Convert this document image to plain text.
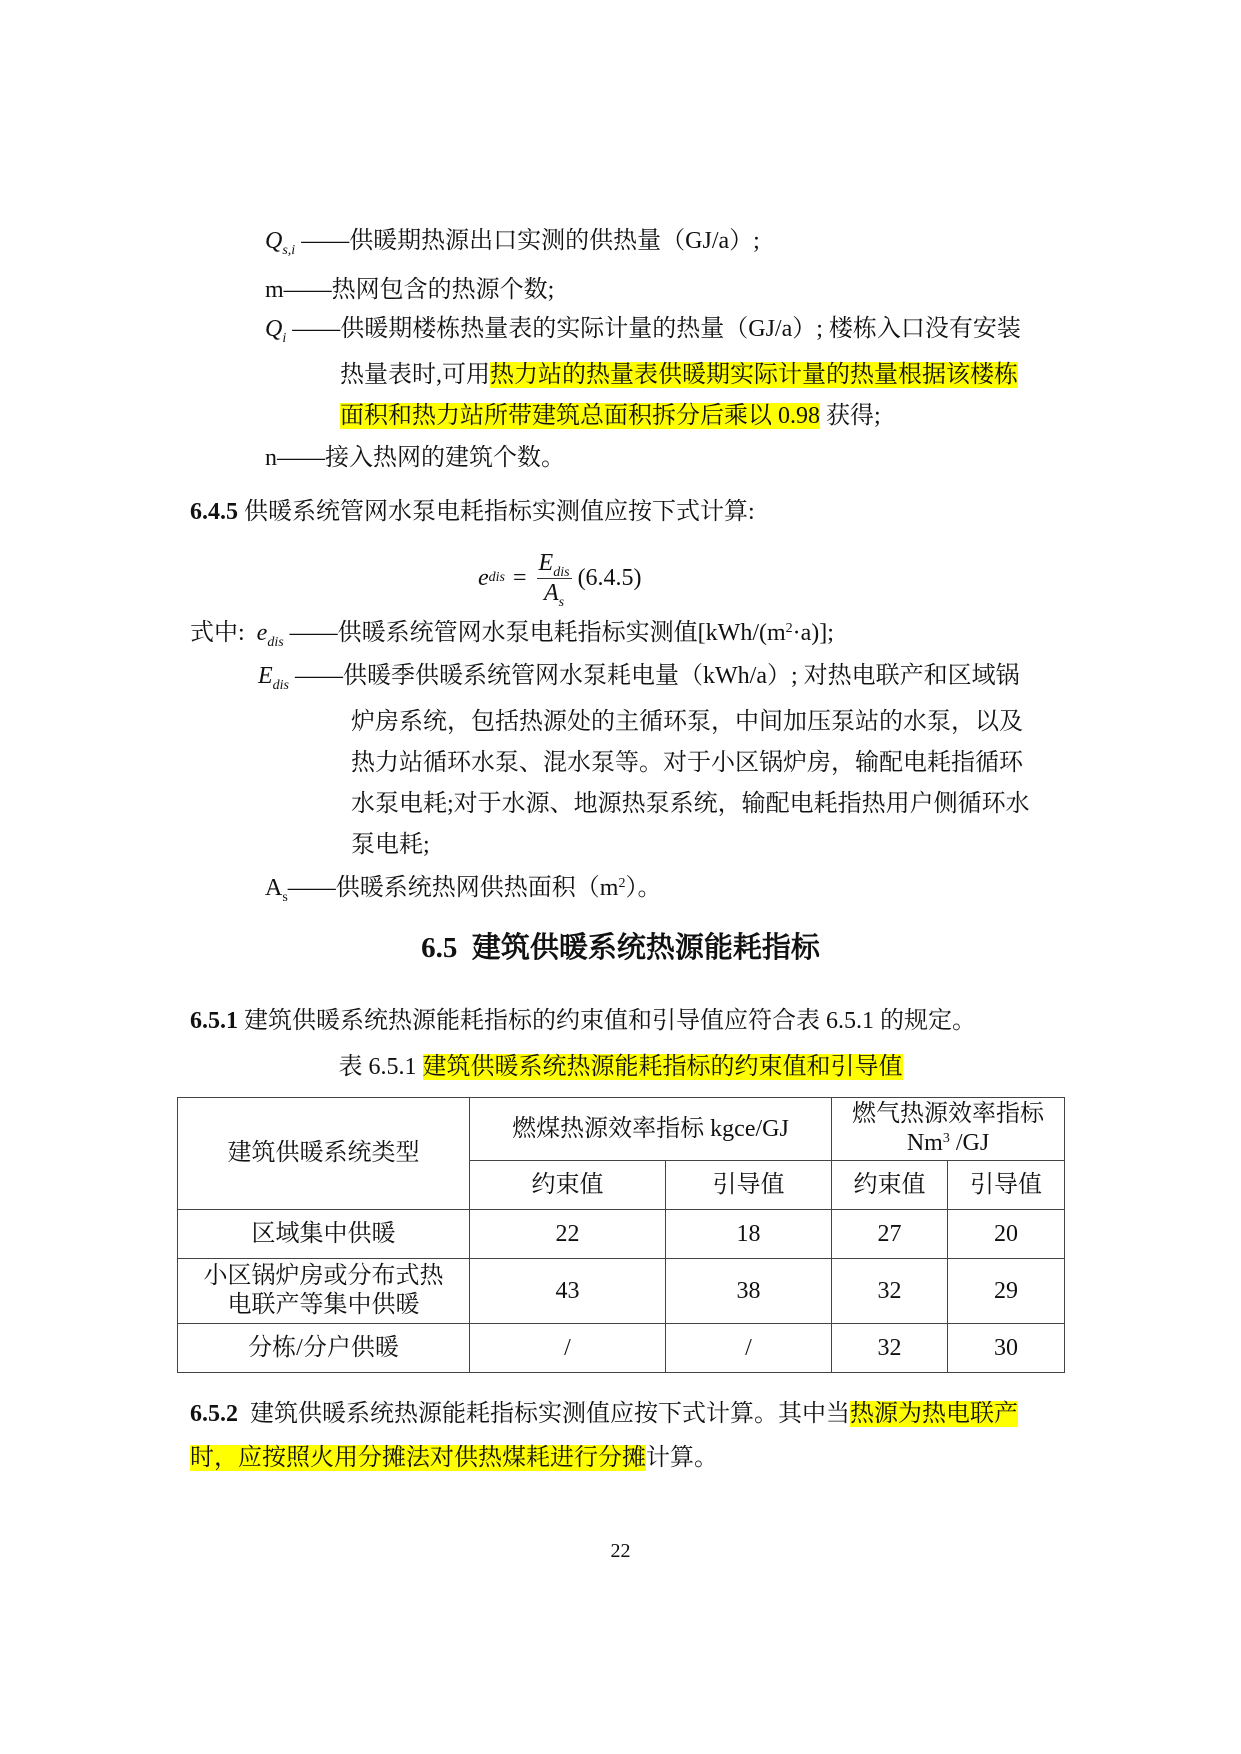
$Q_{s,i}$ ——供暖期热源出口实测的供热量（GJ/a）;
m——热网包含的热源个数;
$Q_i$ ——供暖期楼栋热量表的实际计量的热量（GJ/a）; 楼栋入口没有安装
热量表时,可用热力站的热量表供暖期实际计量的热量根据该楼栋
面积和热力站所带建筑总面积拆分后乘以 0.98 获得;
n——接入热网的建筑个数。
6.4.5 供暖系统管网水泵电耗指标实测值应按下式计算:
e dis = $\frac{E_{dis}}{A_s} (6.4.5)$
式中: $e_{dis}$ ——供暖系统管网水泵电耗指标实测值$[kWh/(m^2\cdot a)]$;
$E_{dis}$ ——供暖季供暖系统管网水泵耗电量（kWh/a）; 对热电联产和区域锅
炉房系统，包括热源处的主循环泵，中间加压泵站的水泵，以及
热力站循环水泵、混水泵等。对于小区锅炉房，输配电耗指循环
水泵电耗;对于水源、地源热泵系统，输配电耗指热用户侧循环水
泵电耗;
$A_s——$供暖系统热网供热面积$(m^2)$。
6.5 建筑供暖系统热源能耗指标
6.5.1 建筑供暖系统热源能耗指标的约束值和引导值应符合表 6.5.1 的规定。
表 6.5.1 建筑供暖系统热源能耗指标的约束值和引导值
建筑供暖系统类型	燃煤热源效率指标 kgce/GJ		燃气热源效率指标
Nm$^3$ /GJ	

	约束值	引导值	约束值	引导值
区域集中供暖	22	18	27	20

小区锅炉房或分布式热
电联产等集中供暖	43	38	32	29
分栋/分户供暖	/	/	32	30
6.5.2  建筑供暖系统热源能耗指标实测值应按下式计算。其中当热源为热电联产
时，应按照火用分摊法对供热煤耗进行分摊计算。
22
